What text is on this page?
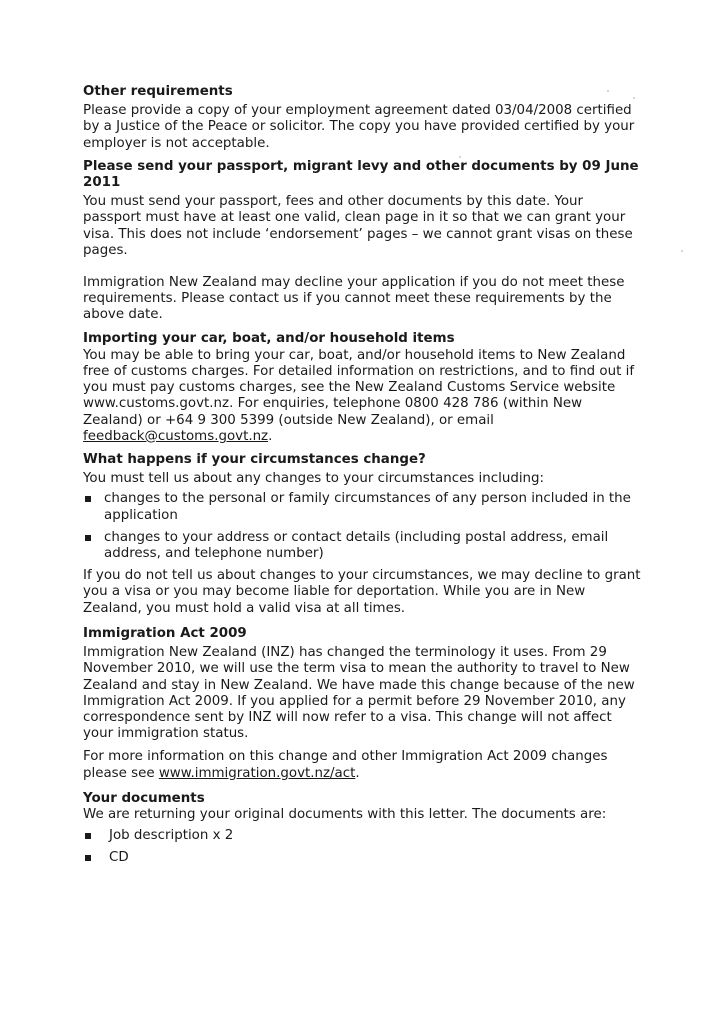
Other requirements

Please provide a copy of your employment agreement dated 03/04/2008 certified by a Justice of the Peace or solicitor. The copy you have provided certified by your employer is not acceptable.

Please send your passport, migrant levy and other documents by 09 June 2011

You must send your passport, fees and other documents by this date. Your passport must have at least one valid, clean page in it so that we can grant your visa. This does not include ‘endorsement’ pages – we cannot grant visas on these pages.

Immigration New Zealand may decline your application if you do not meet these requirements. Please contact us if you cannot meet these requirements by the above date.

Importing your car, boat, and/or household items

You may be able to bring your car, boat, and/or household items to New Zealand free of customs charges. For detailed information on restrictions, and to find out if you must pay customs charges, see the New Zealand Customs Service website www.customs.govt.nz. For enquiries, telephone 0800 428 786 (within New Zealand) or +64 9 300 5399 (outside New Zealand), or email feedback@customs.govt.nz.

What happens if your circumstances change?

You must tell us about any changes to your circumstances including:

changes to the personal or family circumstances of any person included in the application
changes to your address or contact details (including postal address, email address, and telephone number)

If you do not tell us about changes to your circumstances, we may decline to grant you a visa or you may become liable for deportation. While you are in New Zealand, you must hold a valid visa at all times.

Immigration Act 2009

Immigration New Zealand (INZ) has changed the terminology it uses. From 29 November 2010, we will use the term visa to mean the authority to travel to New Zealand and stay in New Zealand. We have made this change because of the new Immigration Act 2009. If you applied for a permit before 29 November 2010, any correspondence sent by INZ will now refer to a visa. This change will not affect your immigration status.

For more information on this change and other Immigration Act 2009 changes please see www.immigration.govt.nz/act.

Your documents

We are returning your original documents with this letter. The documents are:

Job description x 2
CD
